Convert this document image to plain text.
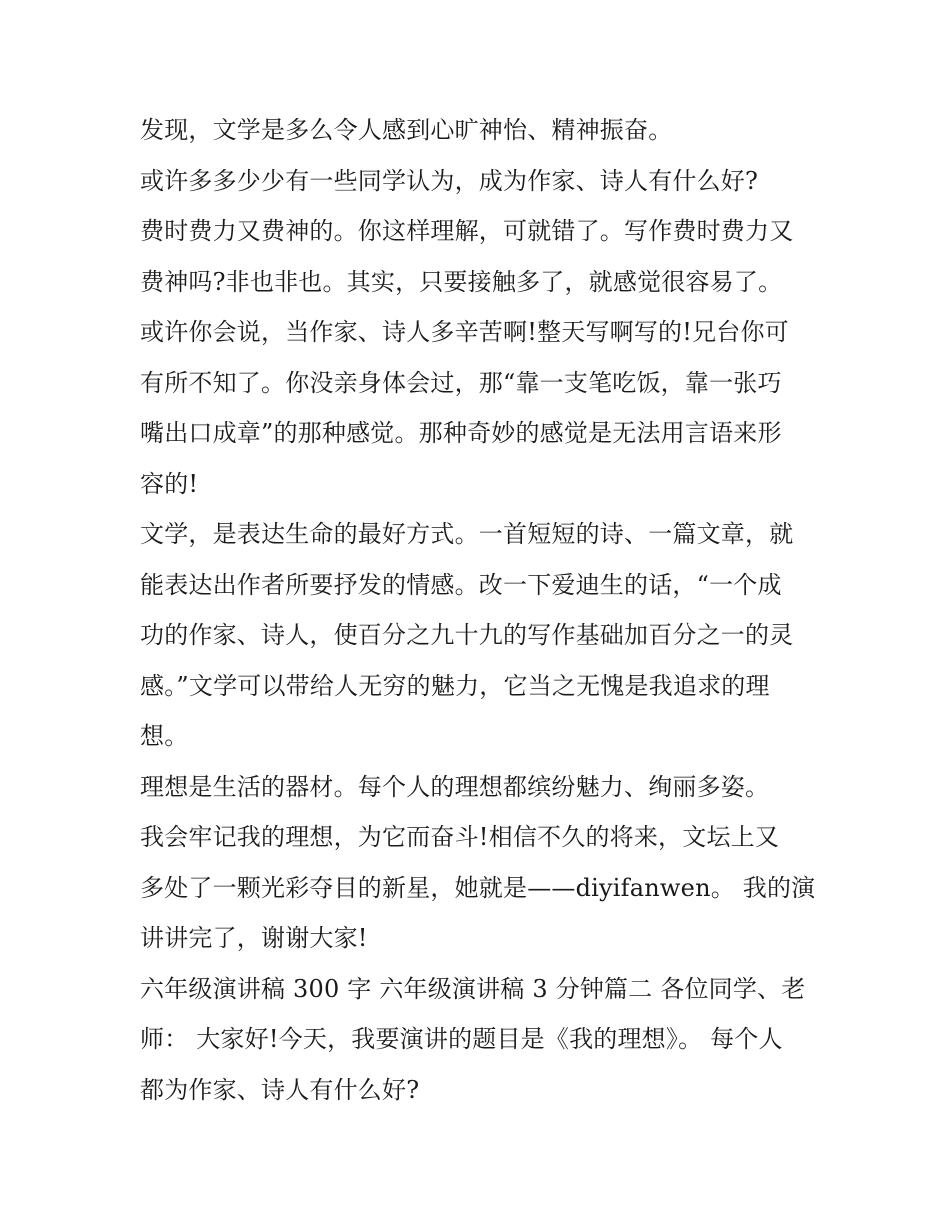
发现，文学是多么令人感到心旷神怡、精神振奋。
或许多多少少有一些同学认为，成为作家、诗人有什么好?
费时费力又费神的。你这样理解，可就错了。写作费时费力又
费神吗?非也非也。其实，只要接触多了，就感觉很容易了。
或许你会说，当作家、诗人多辛苦啊!整天写啊写的!兄台你可
有所不知了。你没亲身体会过，那“靠一支笔吃饭，靠一张巧
嘴出口成章”的那种感觉。那种奇妙的感觉是无法用言语来形
容的!
文学，是表达生命的最好方式。一首短短的诗、一篇文章，就
能表达出作者所要抒发的情感。改一下爱迪生的话，“一个成
功的作家、诗人，使百分之九十九的写作基础加百分之一的灵
感。”文学可以带给人无穷的魅力，它当之无愧是我追求的理
想。
理想是生活的器材。每个人的理想都缤纷魅力、绚丽多姿。
我会牢记我的理想，为它而奋斗!相信不久的将来，文坛上又
多处了一颗光彩夺目的新星，她就是——diyifanwen。 我的演
讲讲完了，谢谢大家!
六年级演讲稿 300 字 六年级演讲稿 3 分钟篇二 各位同学、老
师： 大家好!今天，我要演讲的题目是《我的理想》。 每个人
都为作家、诗人有什么好?
